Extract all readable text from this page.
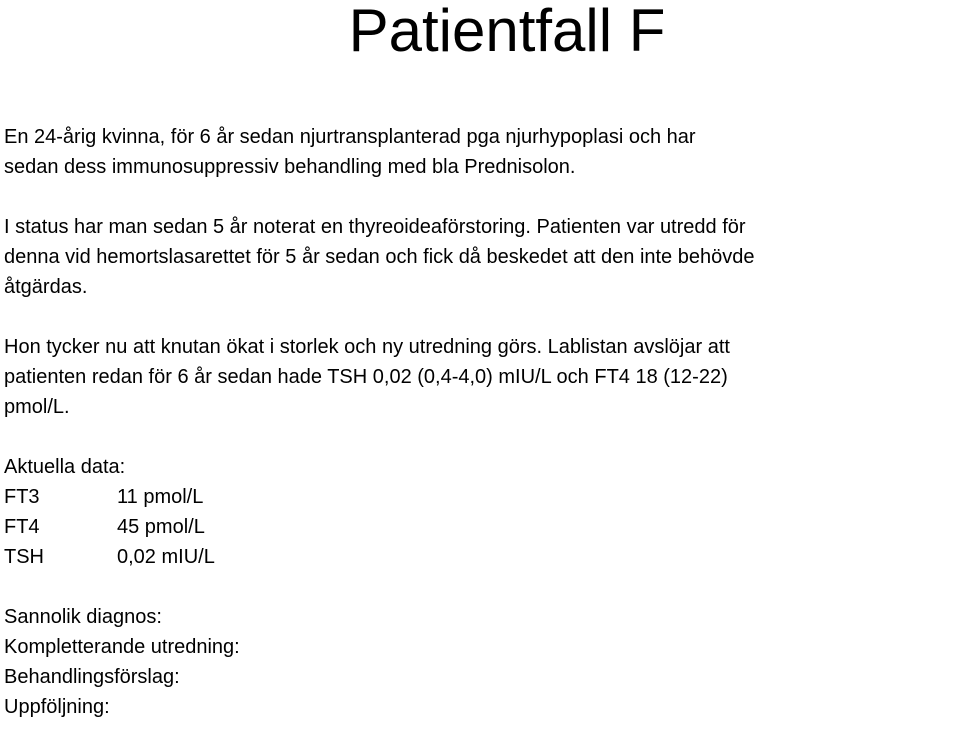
Patientfall F

En 24-årig kvinna, för 6 år sedan njurtransplanterad pga njurhypoplasi och har
sedan dess immunosuppressiv behandling med bla Prednisolon.

I status har man sedan 5 år noterat en thyreoideaförstoring. Patienten var utredd för
denna vid hemortslasarettet för 5 år sedan och fick då beskedet att den inte behövde
åtgärdas.

Hon tycker nu att knutan ökat i storlek och ny utredning görs. Lablistan avslöjar att
patienten redan för 6 år sedan hade TSH 0,02 (0,4-4,0) mIU/L och FT4 18 (12-22)
pmol/L.

Aktuella data:
FT3	11 pmol/L
FT4	45 pmol/L
TSH	0,02 mIU/L
Sannolik diagnos:
Kompletterande utredning:
Behandlingsförslag:
Uppföljning:
